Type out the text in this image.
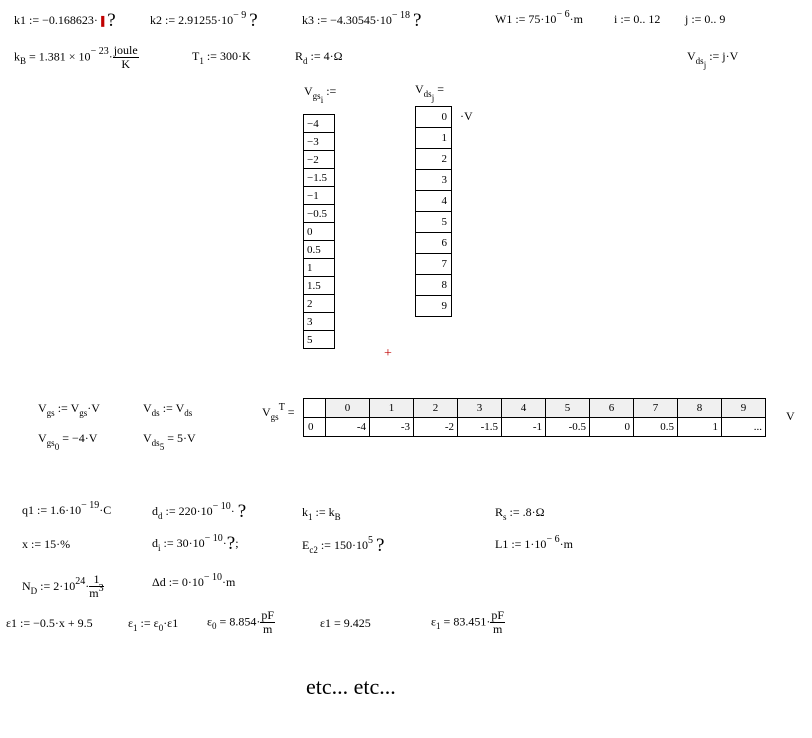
k1 := −0.168623·▐ ?	k2 := $2.91255\cdot 10^{- 9}$ ?	k3 := $-4.30545\cdot 10^{- 18}$ ?	W1 := $75\cdot 10^{- 6}\cdot m$	i := 0.. 12 j := 0.. 9
$k_B = 1.381 \times 10^{- 23}\cdot \frac{\text{joule}}{K}$	$T_1$ := 300·K	$R_d$ := 4·Ω	$V_{dsj}$ := j·V
$V_{gsi}$ :=
−4
−3
−2
−1.5
−1
−0.5
0
0.5
1
1.5
2
3
5
$V_{dsj}$ =
0
1
2
3
4
5
6
7
8
9
·V
+
$V_{gs}$ := $V_{gs}\cdot V$	$V_{ds}$ := $V_{ds}$
$V_{gs0} = -4\cdot V$	$V_{ds5} = 5\cdot V$
$V_{gs}^T$ =
		0	1	2	3	4	5	6	7	8	9
0	-4	-3	-2	-1.5	-1	-0.5	0	0.5	1	...
V
q1 := $1.6\cdot 10^{- 19}\cdot C$	$d_d$ := $220\cdot 10^{- 10}\cdot$ ?	$k_1$ := $k_B$	$R_s$ := .8·Ω
x := 15·%	$d_i$ := $30\cdot 10^{- 10}\cdot$?;	$E_{c2}$ := $150\cdot 10^5$ ?	L1 := $1\cdot 10^{- 6}\cdot m$
$N_D$ := $2\cdot 10^{24}\cdot \frac{1}{m^3}$	Δd := $0\cdot 10^{- 10}\cdot m$
ε1 := −0.5·x + 9.5	$\varepsilon_1$ := $\varepsilon_0\cdot\varepsilon 1$ $\varepsilon_0 = 8.854\cdot \frac{pF}{m}$	ε1 = 9.425	$\varepsilon_1 = 83.451\cdot \frac{pF}{m}$
etc... etc...
